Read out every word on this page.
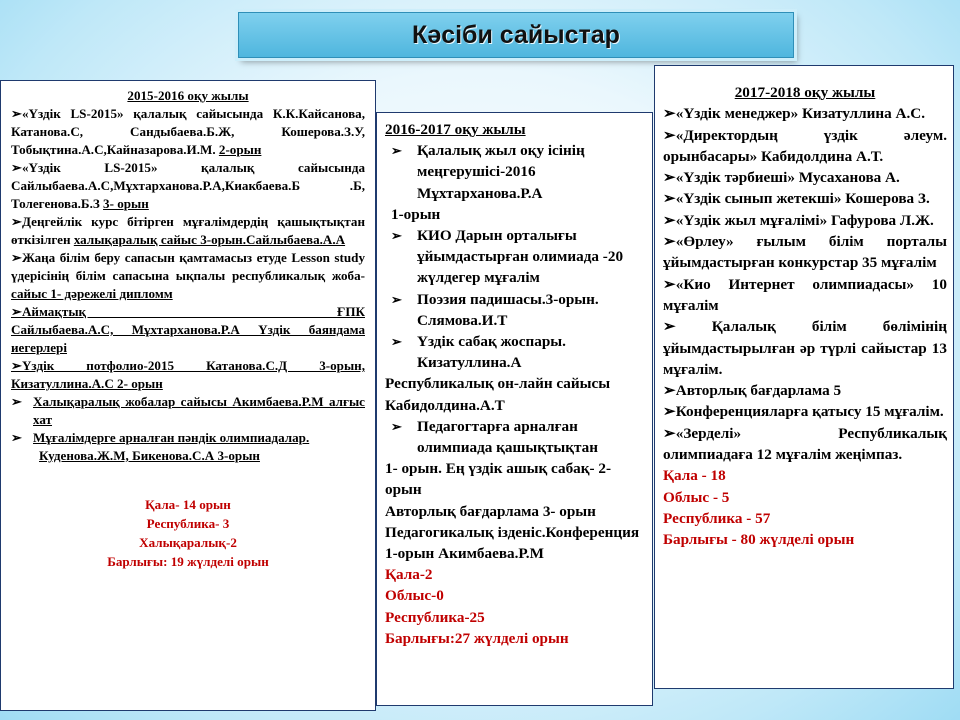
Кәсіби сайыстар
2015-2016 оқу жылы
➢«Үздік LS-2015» қалалық сайысында К.К.Кайсанова, Катанова.С, Сандыбаева.Б.Ж, Кошерова.З.У, Тобықтина.А.С,Кайназарова.И.М. 2-орын
➢«Үздік LS-2015» қалалық сайысында Сайлыбаева.А.С,Мұхтарханова.Р.А,Киакбаева.Б .Б, Толегенова.Б.З 3- орын
➢Деңгейлік курс бітірген мұғалімдердің қашықтықтан өткізілген халықаралық сайыс 3-орын.Сайлыбаева.А.А
➢Жаңа білім беру сапасын қамтамасыз етуде Lesson study үдерісінің білім сапасына ықпалы республикалық жоба- сайыс 1- дәрежелі дипломм
➢Аймақтық ҒПК
Сайлыбаева.А.С, Мұхтарханова.Р.А Үздік баяндама иегерлері
➢Үздік потфолио-2015 Катанова.С.Д 3-орын, Кизатуллина.А.С 2- орын
➢ Халықаралық жобалар сайысы Акимбаева.Р.М алғыс хат
➢ Мұғалімдерге арналған пәндік олимпиадалар.
Куденова.Ж.М, Бикенова.С.А 3-орын

Қала- 14 орын

Республика- 3

Халықаралық-2

Барлығы: 19 жүлделі орын

2016-2017 оқу жылы
➢ Қалалық жыл оқу ісінің меңгерушісі-2016 Мұхтарханова.Р.А
1-орын
➢ КИО Дарын орталығы ұйымдастырған олимиада -20 жүлдегер мұғалім
➢ Поэзия падишасы.3-орын. Слямова.И.Т
➢ Үздік сабақ жоспары. Кизатуллина.А
Республикалық он-лайн сайысы Кабидолдина.А.Т
➢ Педагогтарға арналған олимпиада қашықтықтан
1- орын. Ең үздік ашық сабақ- 2-орын
Авторлық бағдарлама 3- орын Педагогикалық ізденіс.Конференция 1-орын Акимбаева.Р.М
Қала-2
Облыс-0
Республика-25
Барлығы:27 жүлделі орын
2017-2018 оқу жылы
➢«Үздік менеджер» Кизатуллина А.С.
➢«Директордың үздік әлеум. орынбасары» Кабидолдина А.Т.
➢«Үздік тәрбиеші» Мусаханова А.
➢«Үздік сынып жетекші» Кошерова З.
➢«Үздік жыл мұғалімі» Гафурова Л.Ж.
➢«Өрлеу» ғылым білім порталы ұйымдастырған конкурстар 35 мұғалім
➢«Кио Интернет олимпиадасы» 10 мұғалім
➢ Қалалық білім бөлімінің ұйымдастырылған әр түрлі сайыстар 13 мұғалім.
➢Авторлық бағдарлама 5
➢Конференцияларға қатысу 15 мұғалім.
➢«Зерделі» Республикалық олимпиадаға 12 мұғалім жеңімпаз.
Қала - 18
Облыс - 5
Республика - 57
Барлығы - 80 жүлделі орын
